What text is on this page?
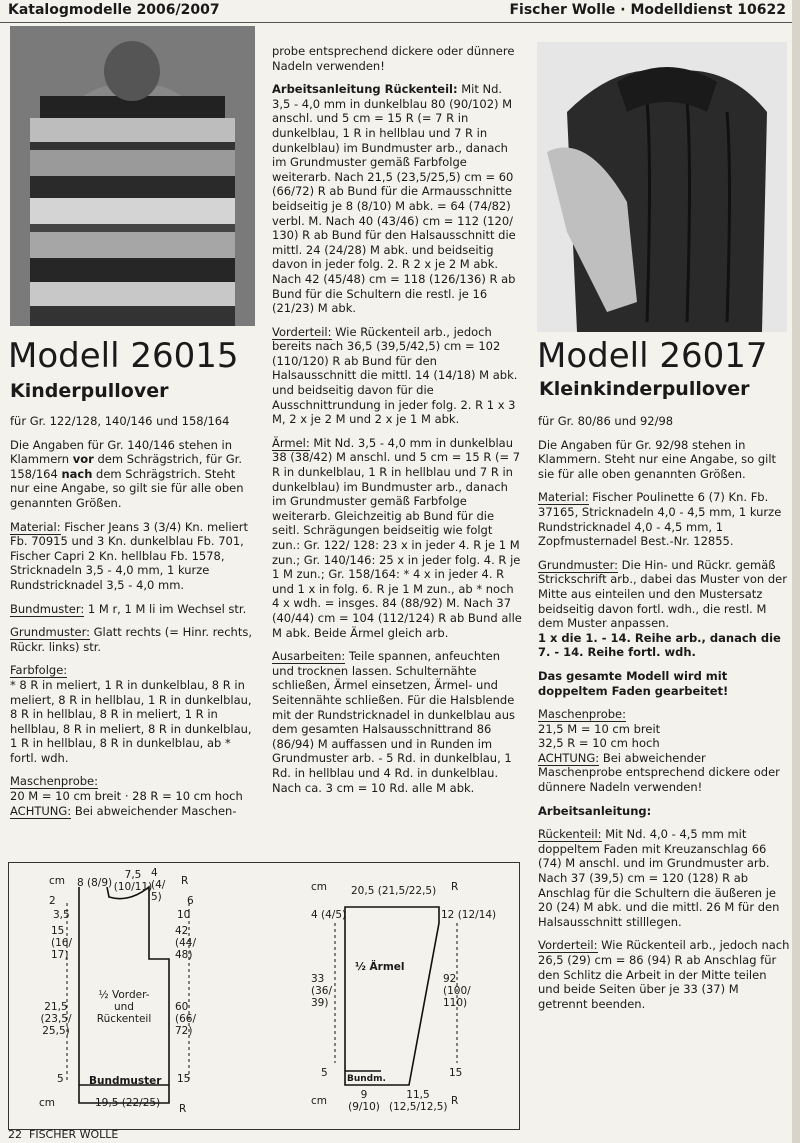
Katalogmodelle 2006/2007	Fischer Wolle · Modelldienst 10622
Modell 26015
Kinderpullover

für Gr. 122/128, 140/146 und 158/164

Die Angaben für Gr. 140/146 stehen in Klammern vor dem Schrägstrich, für Gr. 158/164 nach dem Schrägstrich. Steht nur eine Angabe, so gilt sie für alle oben genannten Größen.

Material: Fischer Jeans 3 (3/4) Kn. meliert Fb. 70915 und 3 Kn. dunkelblau Fb. 701, Fischer Capri 2 Kn. hellblau Fb. 1578, Stricknadeln 3,5 - 4,0 mm, 1 kurze Rundstricknadel 3,5 - 4,0 mm.

Bundmuster: 1 M r, 1 M li im Wechsel str.

Grundmuster: Glatt rechts (= Hinr. rechts, Rückr. links) str.

Farbfolge:

* 8 R in meliert, 1 R in dunkelblau, 8 R in meliert, 8 R in hellblau, 1 R in dunkelblau, 8 R in hellblau, 8 R in meliert, 1 R in hellblau, 8 R in meliert, 8 R in dunkelblau, 1 R in hellblau, 8 R in dunkelblau, ab * fortl. wdh.

Maschenprobe:

20 M = 10 cm breit · 28 R = 10 cm hoch

ACHTUNG: Bei abweichender Maschen-

probe entsprechend dickere oder dünnere Nadeln verwenden!

Arbeitsanleitung Rückenteil: Mit Nd. 3,5 - 4,0 mm in dunkelblau 80 (90/102) M anschl. und 5 cm = 15 R (= 7 R in dunkelblau, 1 R in hellblau und 7 R in dunkelblau) im Bundmuster arb., danach im Grundmuster gemäß Farbfolge weiterarb. Nach 21,5 (23,5/25,5) cm = 60 (66/72) R ab Bund für die Armausschnitte beidseitig je 8 (8/10) M abk. = 64 (74/82) verbl. M. Nach 40 (43/46) cm = 112 (120/ 130) R ab Bund für den Halsausschnitt die mittl. 24 (24/28) M abk. und beidseitig davon in jeder folg. 2. R 2 x je 2 M abk. Nach 42 (45/48) cm = 118 (126/136) R ab Bund für die Schultern die restl. je 16 (21/23) M abk.

Vorderteil: Wie Rückenteil arb., jedoch bereits nach 36,5 (39,5/42,5) cm = 102 (110/120) R ab Bund für den Halsausschnitt die mittl. 14 (14/18) M abk. und beidseitig davon für die Ausschnittrundung in jeder folg. 2. R 1 x 3 M, 2 x je 2 M und 2 x je 1 M abk.

Ärmel: Mit Nd. 3,5 - 4,0 mm in dunkelblau 38 (38/42) M anschl. und 5 cm = 15 R (= 7 R in dunkelblau, 1 R in hellblau und 7 R in dunkelblau) im Bundmuster arb., danach im Grundmuster gemäß Farbfolge weiterarb. Gleichzeitig ab Bund für die seitl. Schrägungen beidseitig wie folgt zun.: Gr. 122/ 128: 23 x in jeder 4. R je 1 M zun.; Gr. 140/146: 25 x in jeder folg. 4. R je 1 M zun.; Gr. 158/164: * 4 x in jeder 4. R und 1 x in folg. 6. R je 1 M zun., ab * noch 4 x wdh. = insges. 84 (88/92) M. Nach 37 (40/44) cm = 104 (112/124) R ab Bund alle M abk. Beide Ärmel gleich arb.

Ausarbeiten: Teile spannen, anfeuchten und trocknen lassen. Schulternähte schließen, Ärmel einsetzen, Ärmel- und Seitennähte schließen. Für die Halsblende mit der Rundstricknadel in dunkelblau aus dem gesamten Halsausschnittrand 86 (86/94) M auffassen und in Runden im Grundmuster arb. - 5 Rd. in dunkelblau, 1 Rd. in hellblau und 4 Rd. in dunkelblau. Nach ca. 3 cm = 10 Rd. alle M abk.

Modell 26017
Kleinkinderpullover

für Gr. 80/86 und 92/98

Die Angaben für Gr. 92/98 stehen in Klammern. Steht nur eine Angabe, so gilt sie für alle oben genannten Größen.

Material: Fischer Poulinette 6 (7) Kn. Fb. 37165, Stricknadeln 4,0 - 4,5 mm, 1 kurze Rundstricknadel 4,0 - 4,5 mm, 1 Zopfmusternadel Best.-Nr. 12855.

Grundmuster: Die Hin- und Rückr. gemäß Strickschrift arb., dabei das Muster von der Mitte aus einteilen und den Mustersatz beidseitig davon fortl. wdh., die restl. M dem Muster anpassen.

1 x die 1. - 14. Reihe arb., danach die 7. - 14. Reihe fortl. wdh.

Das gesamte Modell wird mit doppeltem Faden gearbeitet!

Maschenprobe:

21,5 M = 10 cm breit

32,5 R = 10 cm hoch

ACHTUNG: Bei abweichender Maschenprobe entsprechend dickere oder dünnere Nadeln verwenden!

Arbeitsanleitung:

Rückenteil: Mit Nd. 4,0 - 4,5 mm mit doppeltem Faden mit Kreuzanschlag 66 (74) M anschl. und im Grundmuster arb. Nach 37 (39,5) cm = 120 (128) R ab Anschlag für die Schultern die äußeren je 20 (24) M abk. und die mittl. 26 M für den Halsausschnitt stilllegen.

Vorderteil: Wie Rückenteil arb., jedoch nach 26,5 (29) cm = 86 (94) R ab Anschlag für den Schlitz die Arbeit in der Mitte teilen und beide Seiten über je 33 (37) M getrennt beenden.

cm 8 (8/9)
7,5 (10/11)
4 (4/ 5)
R
2	6
3,5	10
15 (16/ 17)
42 (44/ 48)
½ Vorder- und Rückenteil
21,5 (23,5/ 25,5)
60 (66/ 72)
5 Bundmuster 15
cm	19,5 (22/25) R
cm 20,5 (21,5/22,5) R
4 (4/5)	12 (12/14)
½ Ärmel
33 (36/ 39)
92 (100/ 110)
5 Bundm.	15
cm	9 (9/10)
11,5 (12,5/12,5) R
22 FISCHER WOLLE
